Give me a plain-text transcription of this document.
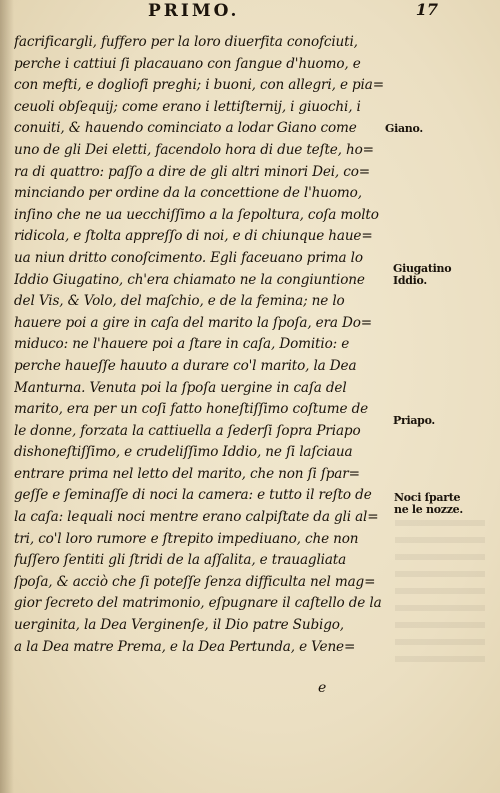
PRIMO.	17
facrificargli, fuffero per la loro diuerfita conofciuti,
perche i cattiui ſi placauano con ſangue d'huomo, e
con mefti, e dogliofi preghi; i buoni, con allegri, e pia=
ceuoli obſequij; come erano i lettiſternij, i giuochi, i
conuiti, & hauendo cominciato a lodar Giano come
uno de gli Dei eletti, facendolo hora di due teſte, ho=
ra di quattro: paſſo a dire de gli altri minori Dei, co=
minciando per ordine da la concettione de l'huomo,
inſino che ne ua uecchiſſimo a la ſepoltura, coſa molto
ridicola, e ſtolta appreſſo di noi, e di chiunque haue=
ua niun dritto conoſcimento. Egli faceuano prima lo
Iddio Giugatino, ch'era chiamato ne la congiuntione
del Vis, & Volo, del maſchio, e de la femina; ne lo
hauere poi a gire in caſa del marito la ſpoſa, era Do=
miduco: ne l'hauere poi a ſtare in caſa, Domitio: e
perche haueſſe hauuto a durare co'l marito, la Dea
Manturna. Venuta poi la ſpoſa uergine in caſa del
marito, era per un coſi fatto honeſtiſſimo coſtume de
le donne, forzata la cattiuella a ſederſi ſopra Priapo
dishoneſtiſſimo, e crudeliſſimo Iddio, ne ſi laſciaua
entrare prima nel letto del marito, che non ſi ſpar=
geſſe e ſeminaſſe di noci la camera: e tutto il reſto de
la caſa: lequali noci mentre erano calpiſtate da gli al=
tri, co'l loro rumore e ſtrepito impediuano, che non
fuſſero ſentiti gli ſtridi de la aſſalita, e trauagliata
ſpoſa, & acciò che ſi poteſſe ſenza difficulta nel mag=
gior ſecreto del matrimonio, eſpugnare il caſtello de la
uerginita, la Dea Verginenſe, il Dio patre Subigo,
a la Dea matre Prema, e la Dea Pertunda, e Vene=
Giano.
Giugatino
Iddio.
Priapo.
Noci ſparte
ne le nozze.
e
